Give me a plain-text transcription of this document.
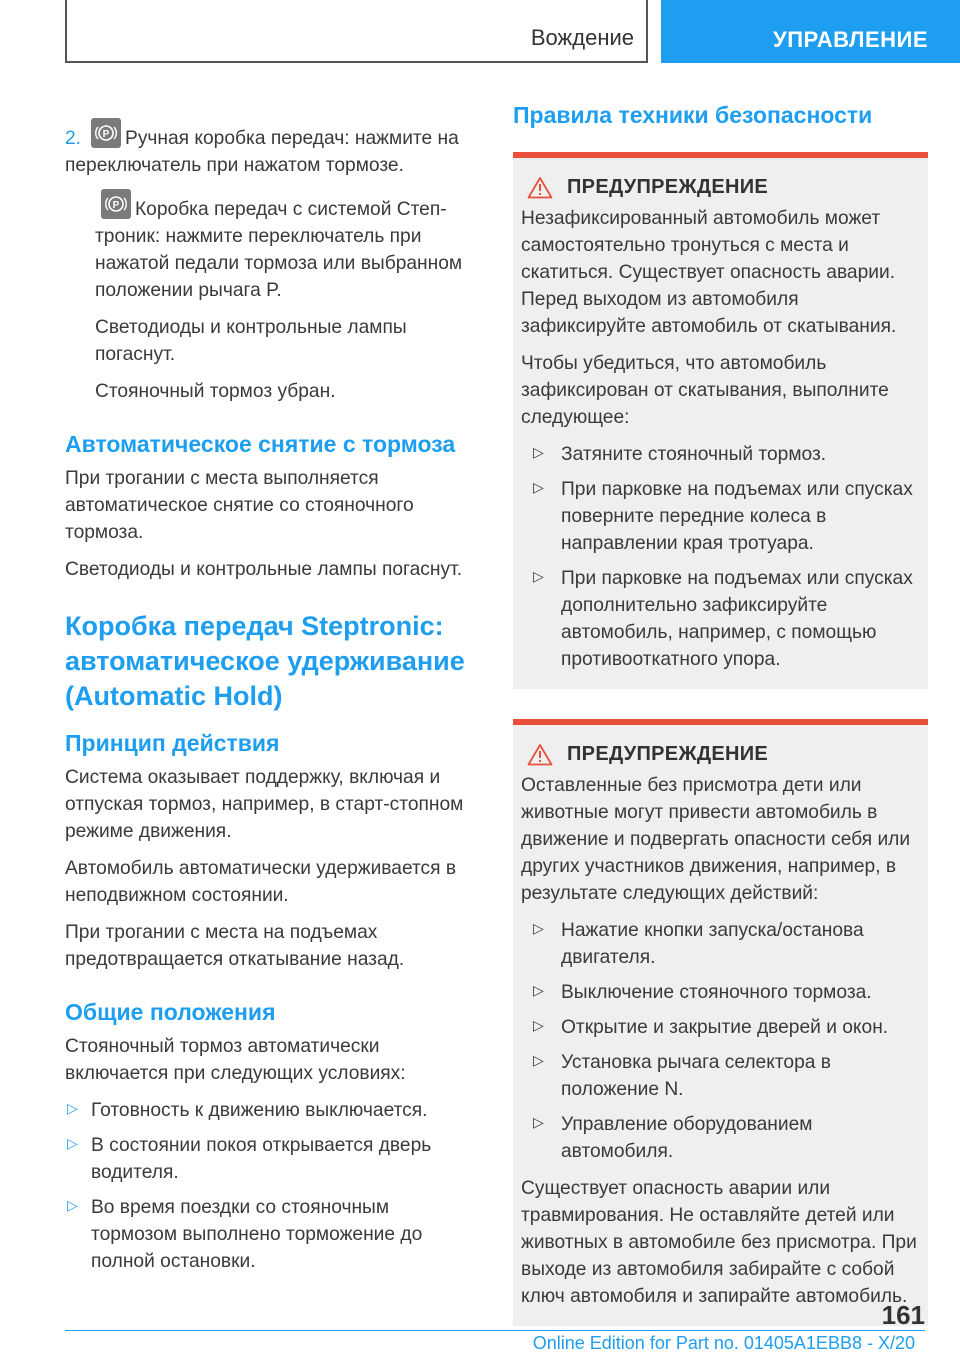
Вождение	УПРАВЛЕНИЕ

2. P Ручная коробка передач: нажмите на переключатель при нажатом тормозе.

P Коробка передач с системой Степ-троник: нажмите переключатель при нажатой педали тормоза или выбранном положении рычага P.

Светодиоды и контрольные лампы погаснут.

Стояночный тормоз убран.

Автоматическое снятие с тормоза

При трогании с места выполняется автоматическое снятие со стояночного тормоза.

Светодиоды и контрольные лампы погаснут.

Коробка передач Steptronic: автоматическое удерживание (Automatic Hold)
Принцип действия

Система оказывает поддержку, включая и отпуская тормоз, например, в старт-стопном режиме движения.

Автомобиль автоматически удерживается в неподвижном состоянии.

При трогании с места на подъемах предотвращается откатывание назад.

Общие положения

Стояночный тормоз автоматически включается при следующих условиях:

▷ Готовность к движению выключается.

▷ В состоянии покоя открывается дверь водителя.

▷ Во время поездки со стояночным тормозом выполнено торможение до полной остановки.

Правила техники безопасности
ПРЕДУПРЕЖДЕНИЕ

Незафиксированный автомобиль может самостоятельно тронуться с места и скатиться. Существует опасность аварии. Перед выходом из автомобиля зафиксируйте автомобиль от скатывания.

Чтобы убедиться, что автомобиль зафиксирован от скатывания, выполните следующее:

▷ Затяните стояночный тормоз.

▷ При парковке на подъемах или спусках поверните передние колеса в направлении края тротуара.

▷ При парковке на подъемах или спусках дополнительно зафиксируйте автомобиль, например, с помощью противооткатного упора.

ПРЕДУПРЕЖДЕНИЕ

Оставленные без присмотра дети или животные могут привести автомобиль в движение и подвергать опасности себя или других участников движения, например, в результате следующих действий:

▷ Нажатие кнопки запуска/останова двигателя.

▷ Выключение стояночного тормоза.

▷ Открытие и закрытие дверей и окон.

▷ Установка рычага селектора в положение N.

▷ Управление оборудованием автомобиля.

Существует опасность аварии или травмирования. Не оставляйте детей или животных в автомобиле без присмотра. При выходе из автомобиля забирайте с собой ключ автомобиля и запирайте автомобиль.

161
Online Edition for Part no. 01405A1EBB8 - X/20
